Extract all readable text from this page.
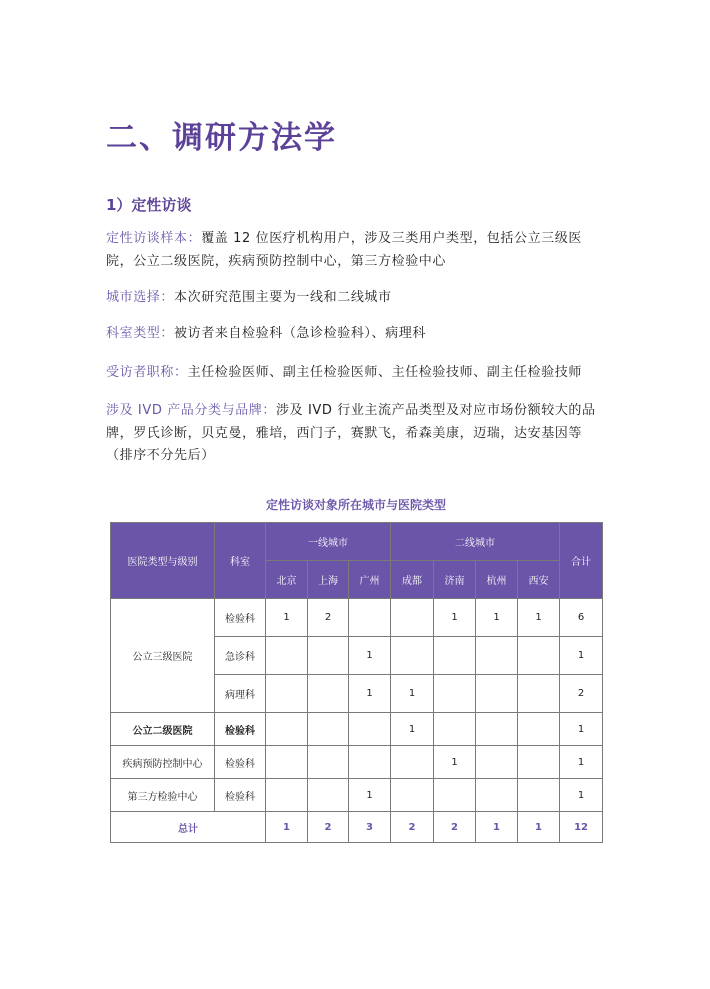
二、调研方法学
1）定性访谈

定性访谈样本：覆盖 12 位医疗机构用户，涉及三类用户类型，包括公立三级医
院，公立二级医院，疾病预防控制中心，第三方检验中心

城市选择：本次研究范围主要为一线和二线城市

科室类型：被访者来自检验科（急诊检验科）、病理科

受访者职称：主任检验医师、副主任检验医师、主任检验技师、副主任检验技师

涉及 IVD 产品分类与品牌：涉及 IVD 行业主流产品类型及对应市场份额较大的品
牌，罗氏诊断，贝克曼，雅培，西门子，赛默飞，希森美康，迈瑞，达安基因等
（排序不分先后）

定性访谈对象所在城市与医院类型
医院类型与级别	科室	一线城市			二线城市				合计
		北京	上海	广州	成都	济南	杭州	西安	
公立三级医院	检验科	1	2			1	1	1	6
	急诊科			1					1
	病理科			1	1				2
公立二级医院	检验科				1				1
疾病预防控制中心	检验科					1			1
第三方检验中心	检验科			1					1
总计		1	2	3	2	2	1	1	12
